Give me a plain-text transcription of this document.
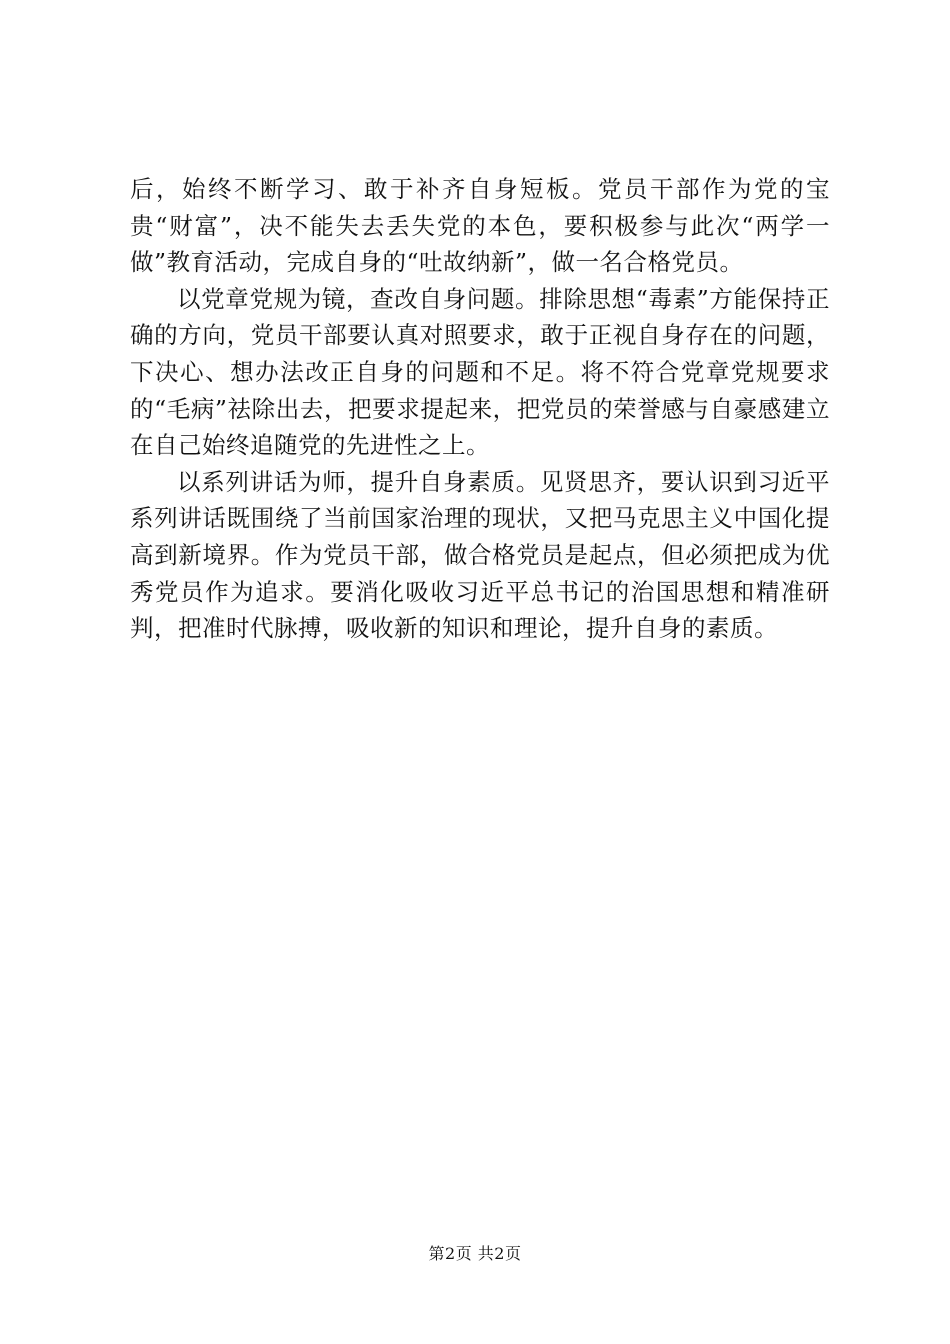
后，始终不断学习、敢于补齐自身短板。党员干部作为党的宝贵“财富”，决不能失去丢失党的本色，要积极参与此次“两学一做”教育活动，完成自身的“吐故纳新”，做一名合格党员。

以党章党规为镜，查改自身问题。排除思想“毒素”方能保持正确的方向，党员干部要认真对照要求，敢于正视自身存在的问题，下决心、想办法改正自身的问题和不足。将不符合党章党规要求的“毛病”祛除出去，把要求提起来，把党员的荣誉感与自豪感建立在自己始终追随党的先进性之上。

以系列讲话为师，提升自身素质。见贤思齐，要认识到习近平系列讲话既围绕了当前国家治理的现状，又把马克思主义中国化提高到新境界。作为党员干部，做合格党员是起点，但必须把成为优秀党员作为追求。要消化吸收习近平总书记的治国思想和精准研判，把准时代脉搏，吸收新的知识和理论，提升自身的素质。

第2页 共2页
